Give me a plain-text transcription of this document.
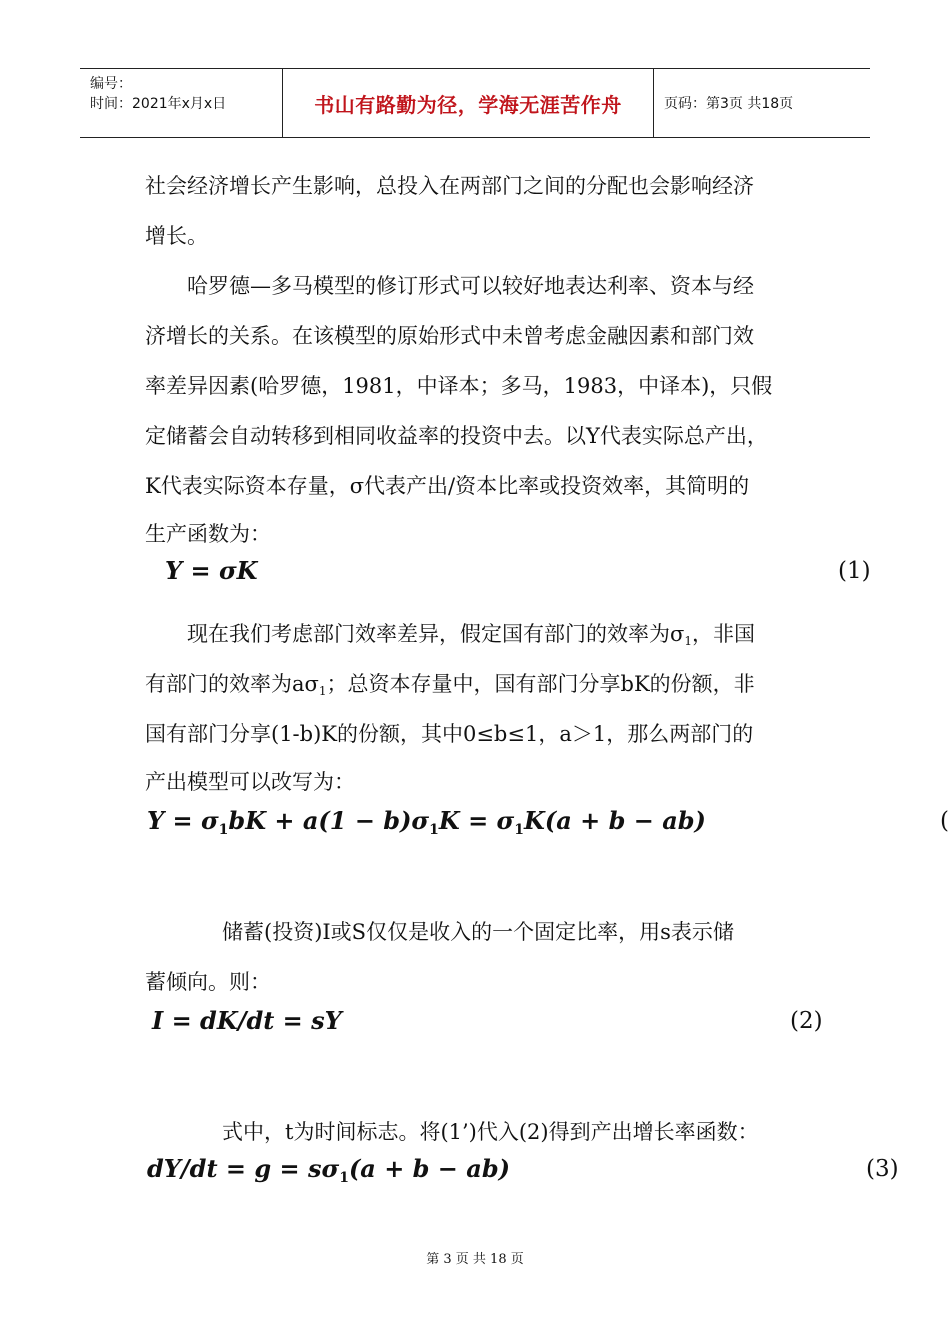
编号：
时间：2021年x月x日	书山有路勤为径，学海无涯苦作舟	页码：第3页 共18页
社会经济增长产生影响，总投入在两部门之间的分配也会影响经济
增长。
哈罗德—多马模型的修订形式可以较好地表达利率、资本与经
济增长的关系。在该模型的原始形式中未曾考虑金融因素和部门效
率差异因素(哈罗德，1981，中译本；多马，1983，中译本)，只假
定储蓄会自动转移到相同收益率的投资中去。以Y代表实际总产出，
K代表实际资本存量，σ代表产出/资本比率或投资效率，其简明的
生产函数为：
Y = σK	(1)
现在我们考虑部门效率差异，假定国有部门的效率为$\sigma_1$，非国
有部门的效率为$a\sigma_1$；总资本存量中，国有部门分享bK的份额，非
国有部门分享(1-b)K的份额，其中0≤b≤1，a＞1，那么两部门的
产出模型可以改写为：
$Y = \sigma_1bK + a(1 - b)\sigma_1K = \sigma_1K(a + b - ab)$	(
储蓄(投资)I或S仅仅是收入的一个固定比率，用s表示储
蓄倾向。则：
I = dK/dt = sY	(2)
式中，t为时间标志。将(1’)代入(2)得到产出增长率函数：
$dY/dt = g = s\sigma_1(a + b - ab)$	(3)
第 3 页 共 18 页
